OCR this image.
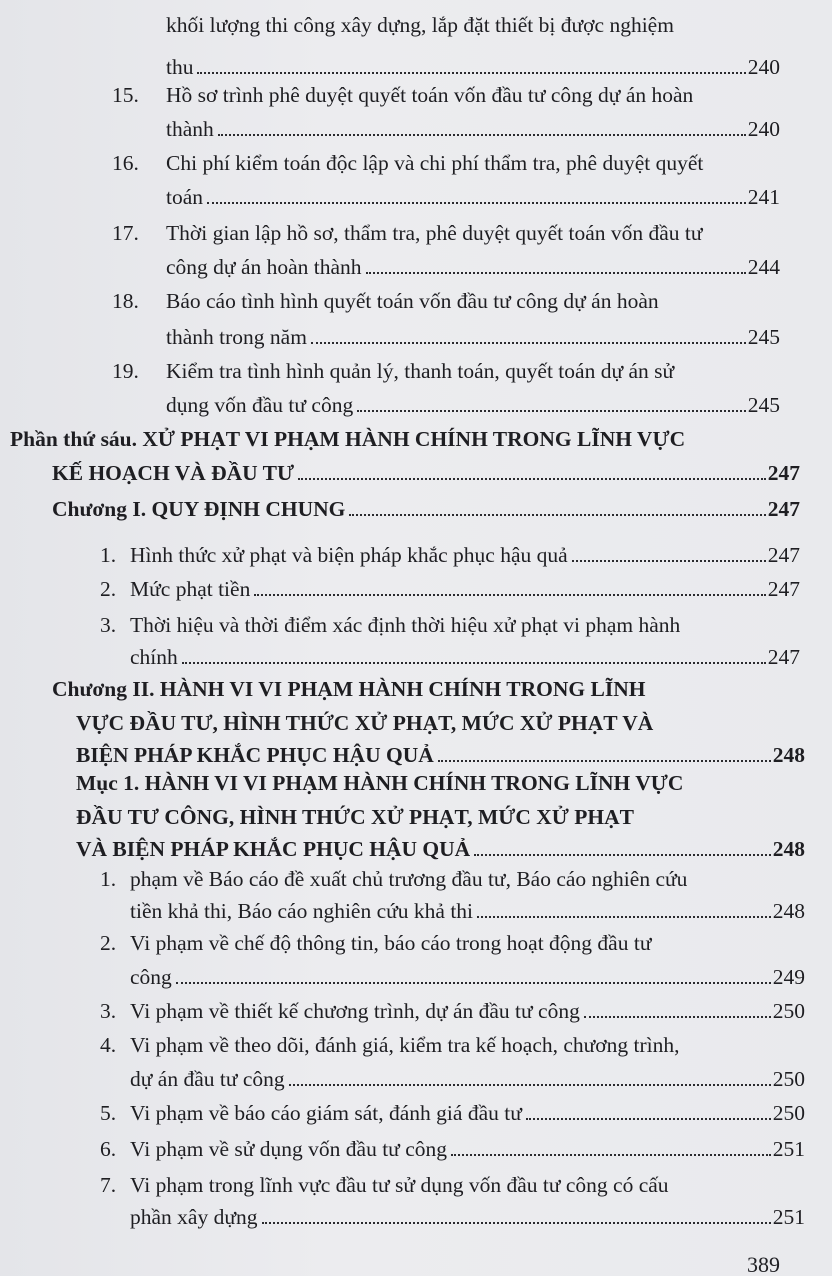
khối lượng thi công xây dựng, lắp đặt thiết bị được nghiệm
thu	240
15. Hồ sơ trình phê duyệt quyết toán vốn đầu tư công dự án hoàn
thành	240
16. Chi phí kiểm toán độc lập và chi phí thẩm tra, phê duyệt quyết
toán	241
17. Thời gian lập hồ sơ, thẩm tra, phê duyệt quyết toán vốn đầu tư
công dự án hoàn thành	244
18. Báo cáo tình hình quyết toán vốn đầu tư công dự án hoàn
thành trong năm	245
19. Kiểm tra tình hình quản lý, thanh toán, quyết toán dự án sử
dụng vốn đầu tư công	245
Phần thứ sáu. XỬ PHẠT VI PHẠM HÀNH CHÍNH TRONG LĨNH VỰC
KẾ HOẠCH VÀ ĐẦU TƯ	247
Chương I. QUY ĐỊNH CHUNG	247
1. Hình thức xử phạt và biện pháp khắc phục hậu quả	247
2. Mức phạt tiền	247
3. Thời hiệu và thời điểm xác định thời hiệu xử phạt vi phạm hành
chính	247
Chương II. HÀNH VI VI PHẠM HÀNH CHÍNH TRONG LĨNH
VỰC ĐẦU TƯ, HÌNH THỨC XỬ PHẠT, MỨC XỬ PHẠT VÀ
BIỆN PHÁP KHẮC PHỤC HẬU QUẢ	248
Mục 1. HÀNH VI VI PHẠM HÀNH CHÍNH TRONG LĨNH VỰC
ĐẦU TƯ CÔNG, HÌNH THỨC XỬ PHẠT, MỨC XỬ PHẠT
VÀ BIỆN PHÁP KHẮC PHỤC HẬU QUẢ	248
1. phạm về Báo cáo đề xuất chủ trương đầu tư, Báo cáo nghiên cứu
tiền khả thi, Báo cáo nghiên cứu khả thi	248
2. Vi phạm về chế độ thông tin, báo cáo trong hoạt động đầu tư
công	249
3. Vi phạm về thiết kế chương trình, dự án đầu tư công	250
4. Vi phạm về theo dõi, đánh giá, kiểm tra kế hoạch, chương trình,
dự án đầu tư công	250
5. Vi phạm về báo cáo giám sát, đánh giá đầu tư	250
6. Vi phạm về sử dụng vốn đầu tư công	251
7. Vi phạm trong lĩnh vực đầu tư sử dụng vốn đầu tư công có cấu
phần xây dựng	251
389
